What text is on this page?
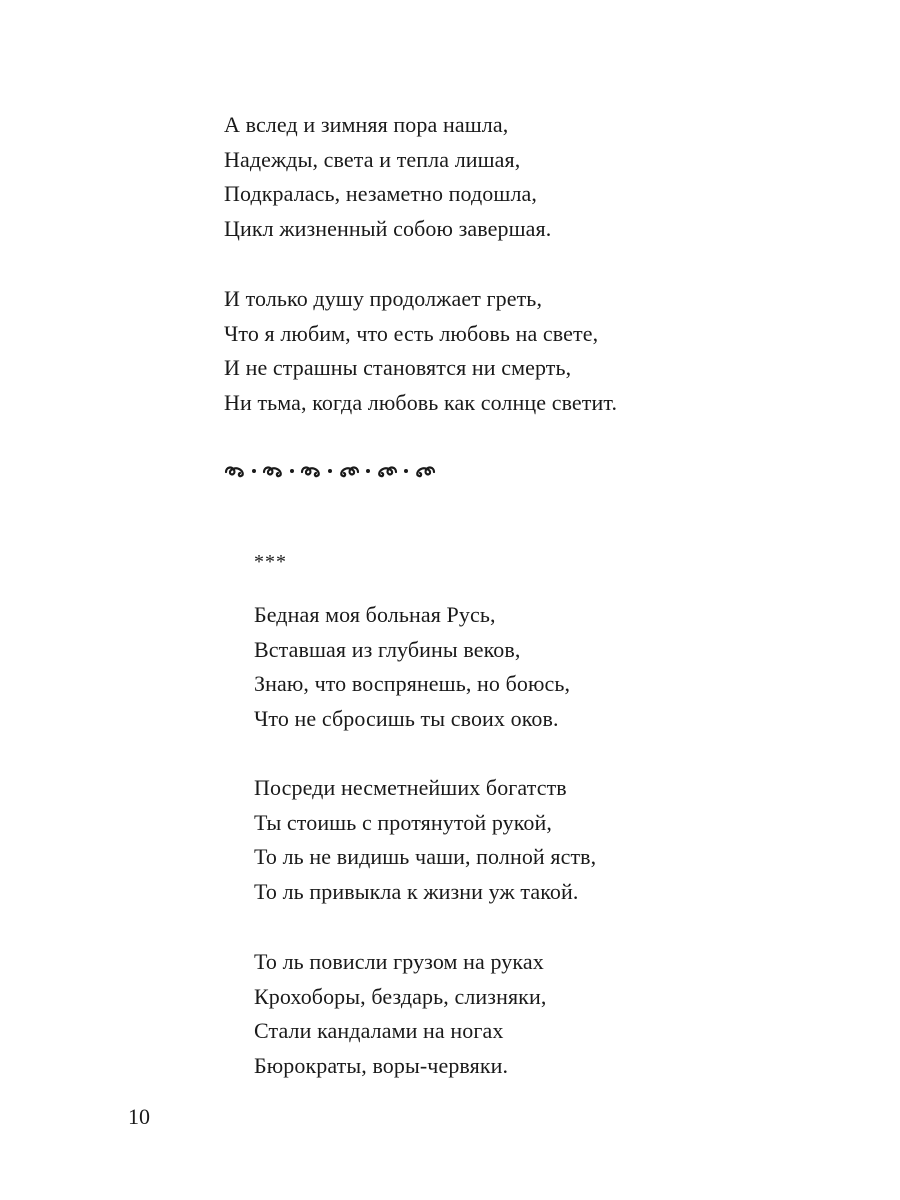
А вслед и зимняя пора нашла,
Надежды, света и тепла лишая,
Подкралась, незаметно подошла,
Цикл жизненный собою завершая.
И только душу продолжает греть,
Что я любим, что есть любовь на свете,
И не страшны становятся ни смерть,
Ни тьма, когда любовь как солнце светит.
***
Бедная моя больная Русь,
Вставшая из глубины веков,
Знаю, что воспрянешь, но боюсь,
Что не сбросишь ты своих оков.
Посреди несметнейших богатств
Ты стоишь с протянутой рукой,
То ль не видишь чаши, полной яств,
То ль привыкла к жизни уж такой.
То ль повисли грузом на руках
Крохоборы, бездарь, слизняки,
Стали кандалами на ногах
Бюрократы, воры-червяки.
10
